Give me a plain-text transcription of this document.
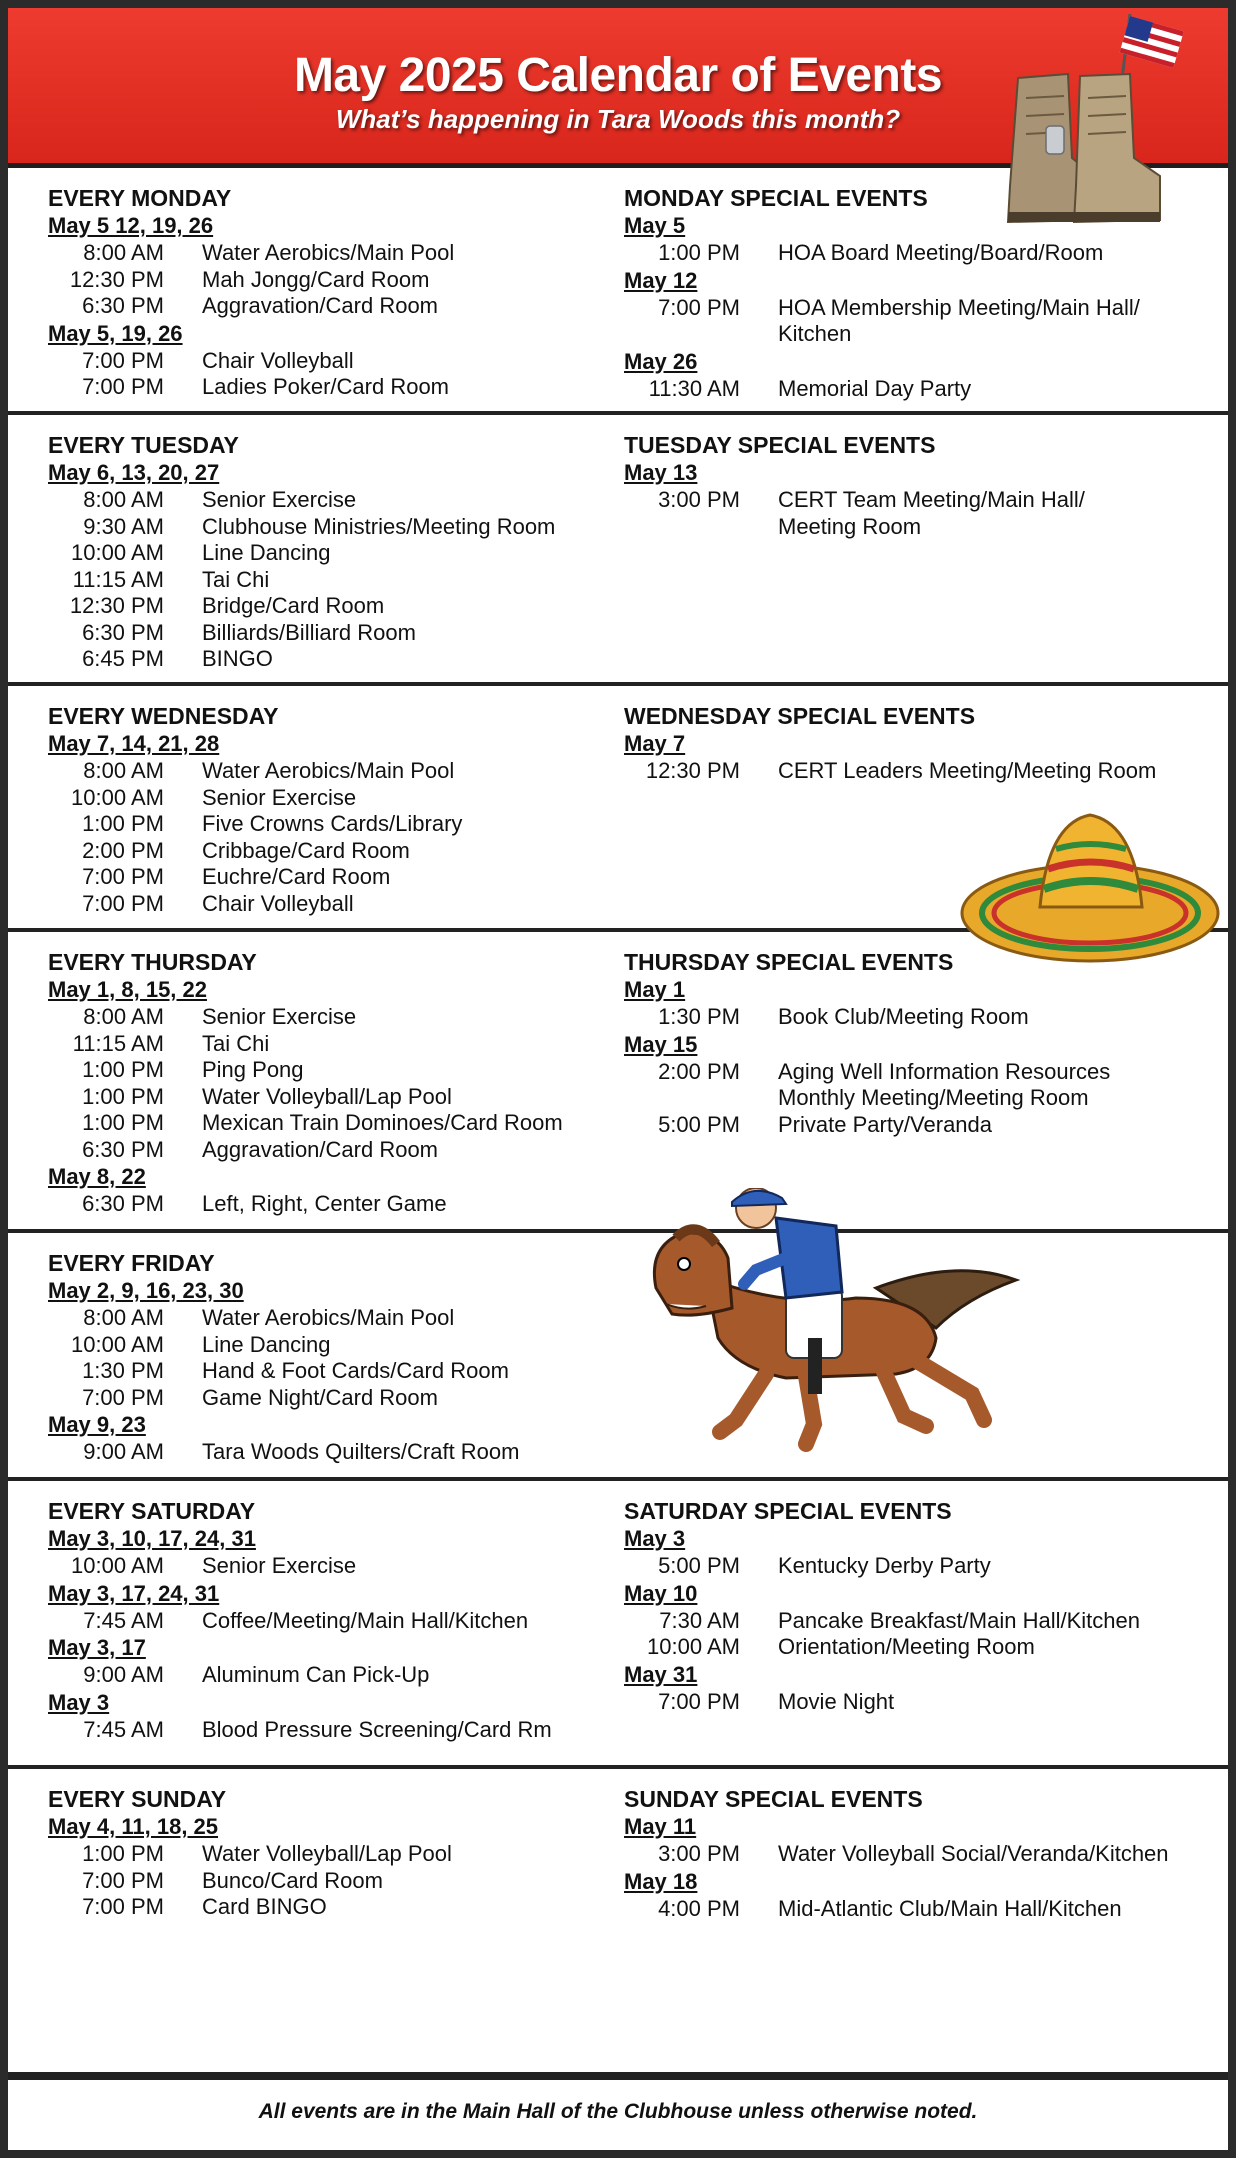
May 2025 Calendar of Events
What’s happening in Tara Woods this month?
EVERY MONDAY
May 5 12, 19, 26
8:00 AM Water Aerobics/Main Pool
12:30 PM Mah Jongg/Card Room
6:30 PM Aggravation/Card Room
May 5, 19, 26
7:00 PM Chair Volleyball
7:00 PM Ladies Poker/Card Room
MONDAY SPECIAL EVENTS
May 5
1:00 PM HOA Board Meeting/Board/Room
May 12
7:00 PM HOA Membership Meeting/Main Hall/
Kitchen
May 26
11:30 AM Memorial Day Party
EVERY TUESDAY
May 6, 13, 20, 27
8:00 AM Senior Exercise
9:30 AM Clubhouse Ministries/Meeting Room
10:00 AM Line Dancing
11:15 AM Tai Chi
12:30 PM Bridge/Card Room
6:30 PM Billiards/Billiard Room
6:45 PM BINGO
TUESDAY SPECIAL EVENTS
May 13
3:00 PM CERT Team Meeting/Main Hall/
Meeting Room
EVERY WEDNESDAY
May 7, 14, 21, 28
8:00 AM Water Aerobics/Main Pool
10:00 AM Senior Exercise
1:00 PM Five Crowns Cards/Library
2:00 PM Cribbage/Card Room
7:00 PM Euchre/Card Room
7:00 PM Chair Volleyball
WEDNESDAY SPECIAL EVENTS
May 7
12:30 PM CERT Leaders Meeting/Meeting Room
EVERY THURSDAY
May 1, 8, 15, 22
8:00 AM Senior Exercise
11:15 AM Tai Chi
1:00 PM Ping Pong
1:00 PM Water Volleyball/Lap Pool
1:00 PM Mexican Train Dominoes/Card Room
6:30 PM Aggravation/Card Room
May 8, 22
6:30 PM Left, Right, Center Game
THURSDAY SPECIAL EVENTS
May 1
1:30 PM Book Club/Meeting Room
May 15
2:00 PM Aging Well Information Resources
Monthly Meeting/Meeting Room
5:00 PM Private Party/Veranda
EVERY FRIDAY
May 2, 9, 16, 23, 30
8:00 AM Water Aerobics/Main Pool
10:00 AM Line Dancing
1:30 PM Hand & Foot Cards/Card Room
7:00 PM Game Night/Card Room
May 9, 23
9:00 AM Tara Woods Quilters/Craft Room
EVERY SATURDAY
May 3, 10, 17, 24, 31
10:00 AM Senior Exercise
May 3, 17, 24, 31
7:45 AM Coffee/Meeting/Main Hall/Kitchen
May 3, 17
9:00 AM Aluminum Can Pick-Up
May 3
7:45 AM Blood Pressure Screening/Card Rm
SATURDAY SPECIAL EVENTS
May 3
5:00 PM Kentucky Derby Party
May 10
7:30 AM Pancake Breakfast/Main Hall/Kitchen
10:00 AM Orientation/Meeting Room
May 31
7:00 PM Movie Night
EVERY SUNDAY
May 4, 11, 18, 25
1:00 PM Water Volleyball/Lap Pool
7:00 PM Bunco/Card Room
7:00 PM Card BINGO
SUNDAY SPECIAL EVENTS
May 11
3:00 PM Water Volleyball Social/Veranda/Kitchen
May 18
4:00 PM Mid-Atlantic Club/Main Hall/Kitchen
All events are in the Main Hall of the Clubhouse unless otherwise noted.
